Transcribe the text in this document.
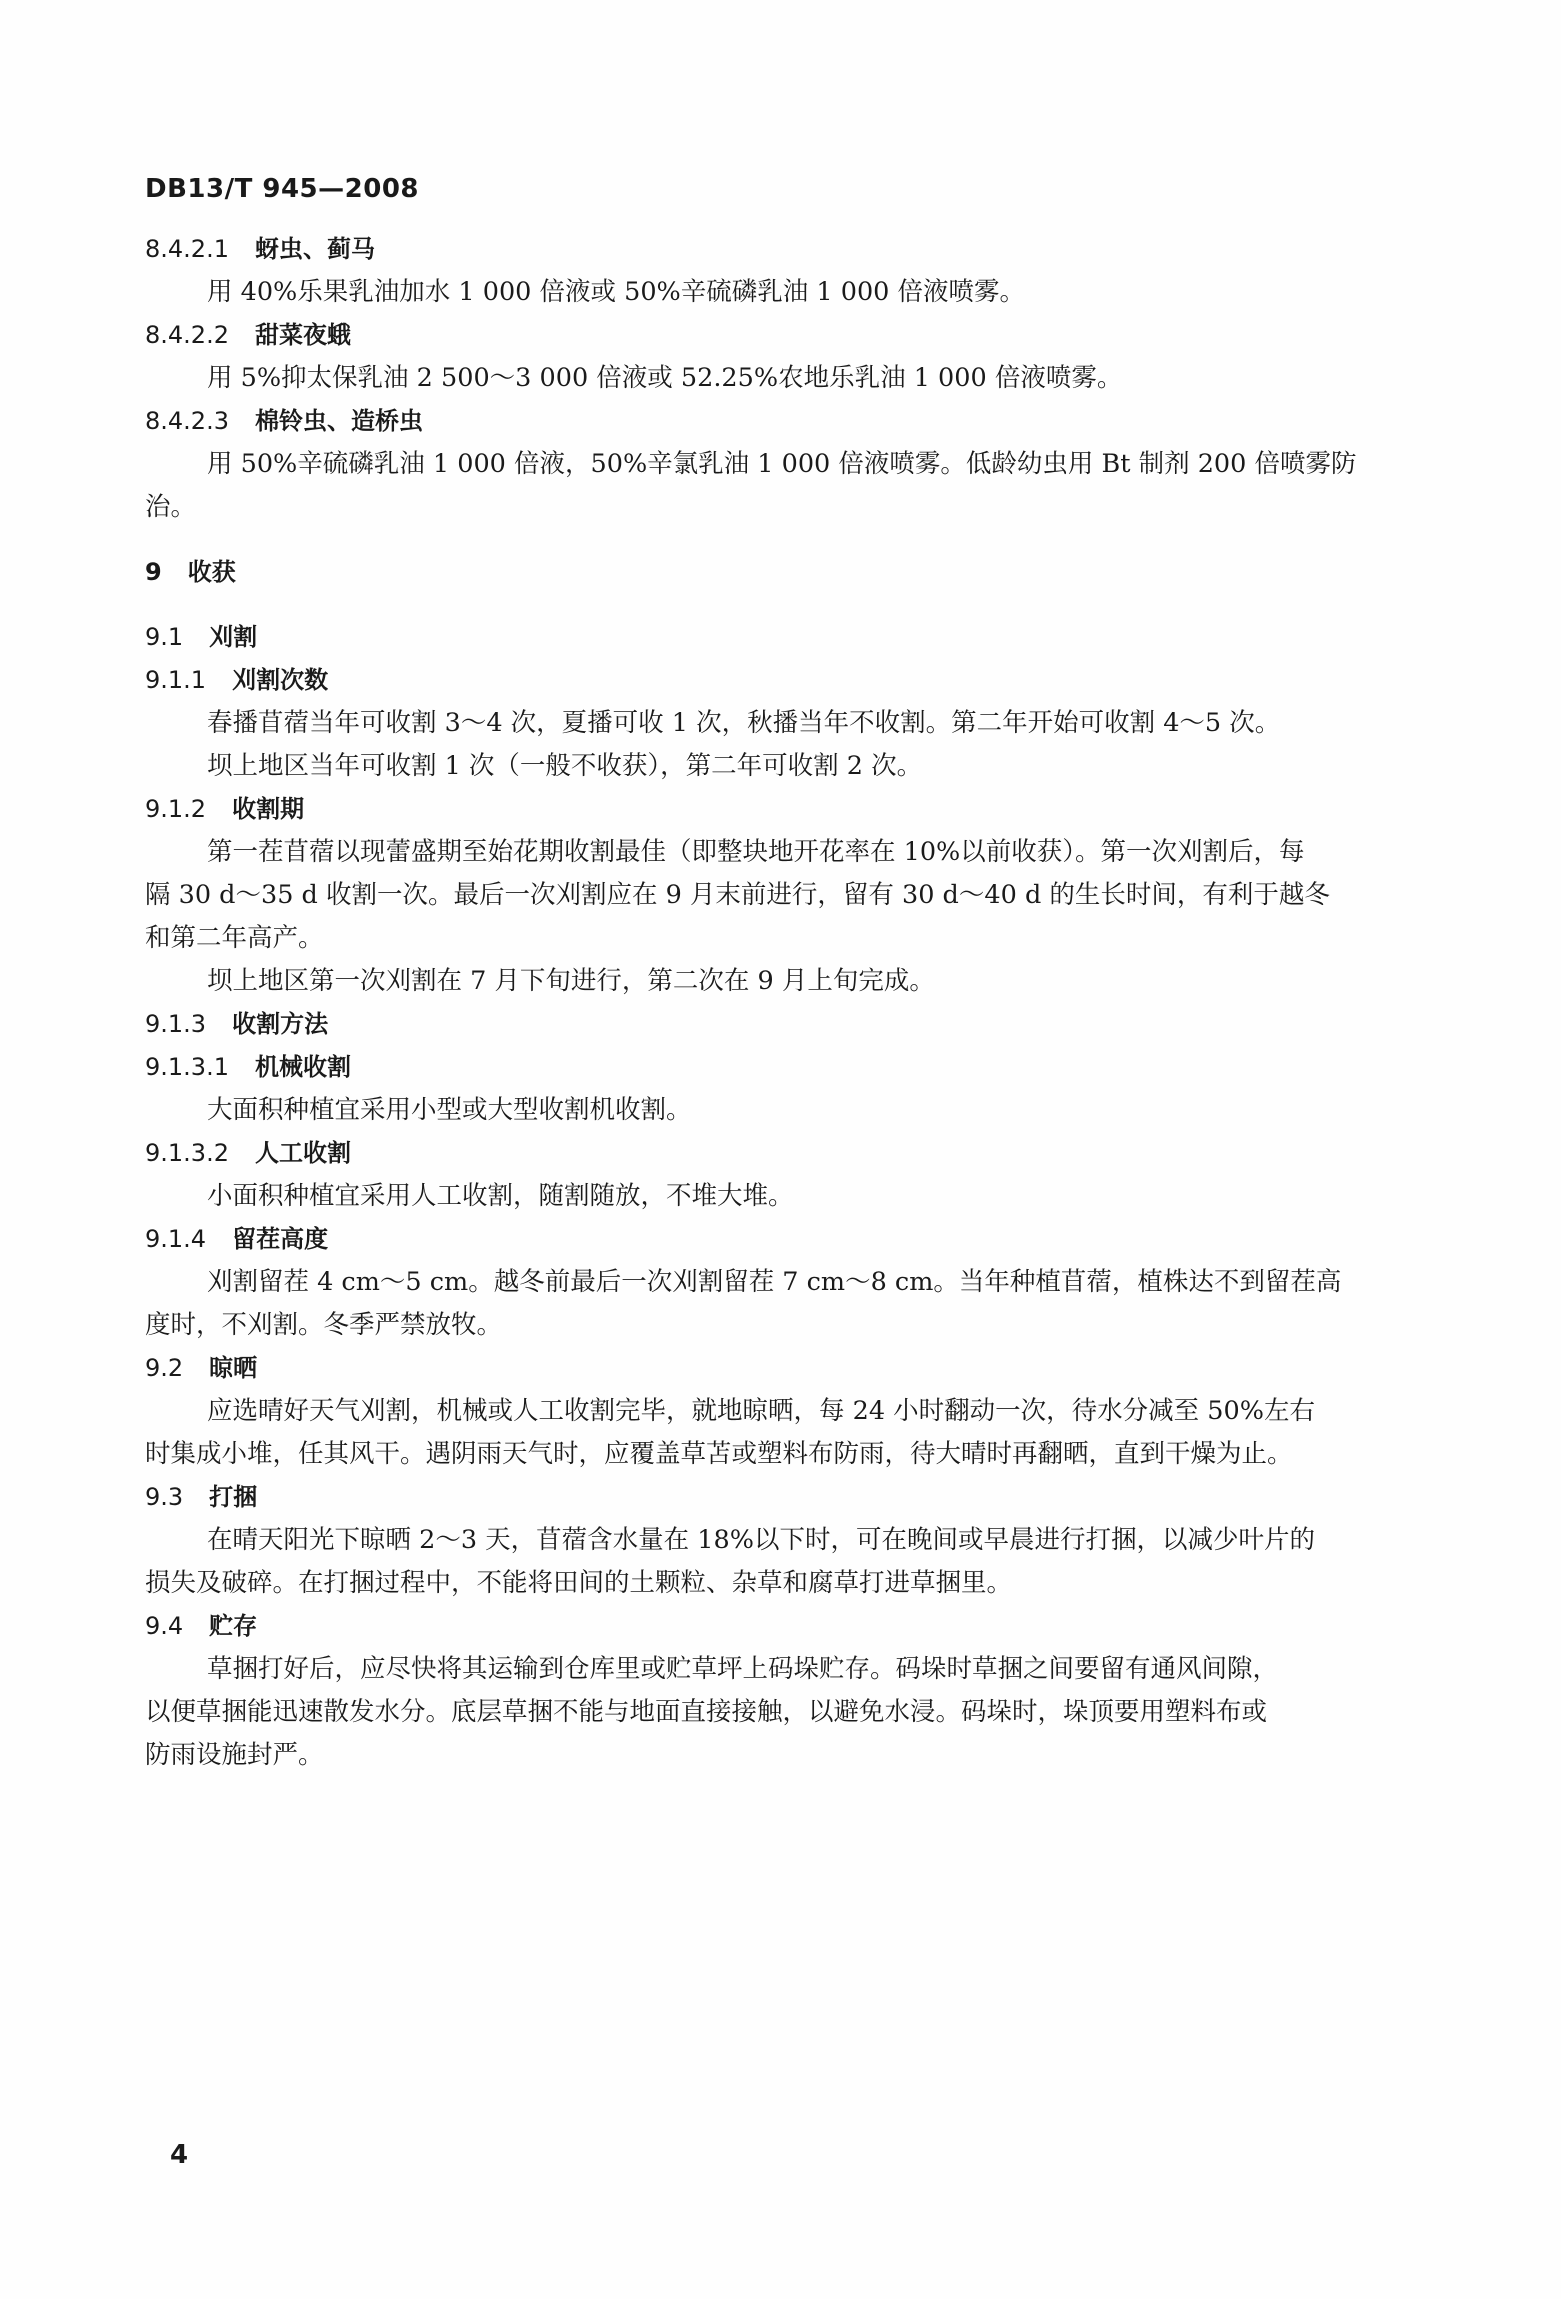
DB13/T 945—2008
8.4.2.1 蚜虫、蓟马
用 40%乐果乳油加水 1 000 倍液或 50%辛硫磷乳油 1 000 倍液喷雾。
8.4.2.2 甜菜夜蛾
用 5%抑太保乳油 2 500～3 000 倍液或 52.25%农地乐乳油 1 000 倍液喷雾。
8.4.2.3 棉铃虫、造桥虫
用 50%辛硫磷乳油 1 000 倍液，50%辛氯乳油 1 000 倍液喷雾。低龄幼虫用 Bt 制剂 200 倍喷雾防
治。
9 收获
9.1 刈割
9.1.1 刈割次数
春播苜蓿当年可收割 3～4 次，夏播可收 1 次，秋播当年不收割。第二年开始可收割 4～5 次。
坝上地区当年可收割 1 次（一般不收获），第二年可收割 2 次。
9.1.2 收割期
第一茬苜蓿以现蕾盛期至始花期收割最佳（即整块地开花率在 10%以前收获）。第一次刈割后，每
隔 30 d～35 d 收割一次。最后一次刈割应在 9 月末前进行，留有 30 d～40 d 的生长时间，有利于越冬
和第二年高产。
坝上地区第一次刈割在 7 月下旬进行，第二次在 9 月上旬完成。
9.1.3 收割方法
9.1.3.1 机械收割
大面积种植宜采用小型或大型收割机收割。
9.1.3.2 人工收割
小面积种植宜采用人工收割，随割随放，不堆大堆。
9.1.4 留茬高度
刈割留茬 4 cm～5 cm。越冬前最后一次刈割留茬 7 cm～8 cm。当年种植苜蓿，植株达不到留茬高
度时，不刈割。冬季严禁放牧。
9.2 晾晒
应选晴好天气刈割，机械或人工收割完毕，就地晾晒，每 24 小时翻动一次，待水分减至 50%左右
时集成小堆，任其风干。遇阴雨天气时，应覆盖草苫或塑料布防雨，待大晴时再翻晒，直到干燥为止。
9.3 打捆
在晴天阳光下晾晒 2～3 天，苜蓿含水量在 18%以下时，可在晚间或早晨进行打捆，以减少叶片的
损失及破碎。在打捆过程中，不能将田间的土颗粒、杂草和腐草打进草捆里。
9.4 贮存
草捆打好后，应尽快将其运输到仓库里或贮草坪上码垛贮存。码垛时草捆之间要留有通风间隙，
以便草捆能迅速散发水分。底层草捆不能与地面直接接触，以避免水浸。码垛时，垛顶要用塑料布或
防雨设施封严。
4
